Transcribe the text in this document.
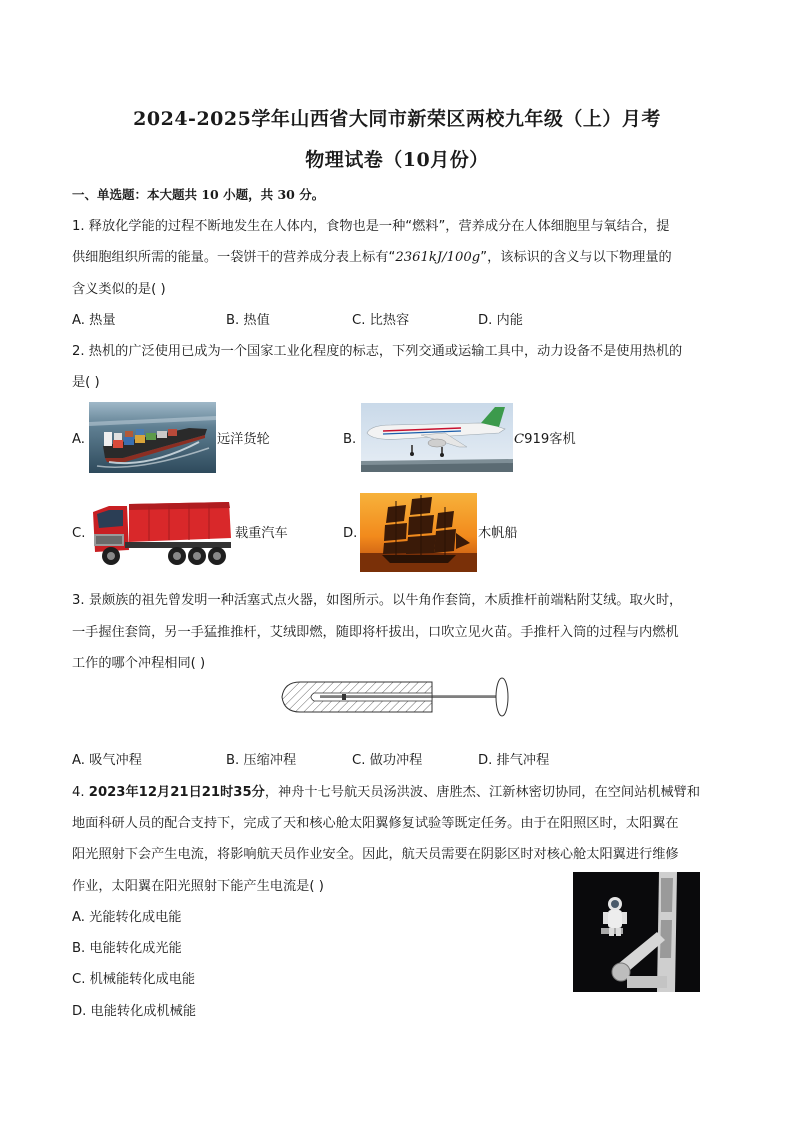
2024-2025学年山西省大同市新荣区两校九年级（上）月考
物理试卷（10月份）
一、单选题：本大题共 10 小题，共 30 分。
1. 释放化学能的过程不断地发生在人体内，食物也是一种“燃料”，营养成分在人体细胞里与氧结合，提
供细胞组织所需的能量。一袋饼干的营养成分表上标有“2361kJ/100g”，该标识的含义与以下物理量的
含义类似的是( )
A. 热量	B. 热值	C. 比热容	D. 内能
2. 热机的广泛使用已成为一个国家工业化程度的标志，下列交通或运输工具中，动力设备不是使用热机的
是( )
A.	远洋货轮	B.	C919客机
C.	载重汽车	D.	木帆船
3. 景颇族的祖先曾发明一种活塞式点火器，如图所示。以牛角作套筒，木质推杆前端粘附艾绒。取火时，
一手握住套筒，另一手猛推推杆，艾绒即燃，随即将杆拔出，口吹立见火苗。手推杆入筒的过程与内燃机
工作的哪个冲程相同( )
A. 吸气冲程	B. 压缩冲程	C. 做功冲程	D. 排气冲程
4. 2023年12月21日21时35分，神舟十七号航天员汤洪波、唐胜杰、江新林密切协同，在空间站机械臂和
地面科研人员的配合支持下，完成了天和核心舱太阳翼修复试验等既定任务。由于在阳照区时，太阳翼在
阳光照射下会产生电流，将影响航天员作业安全。因此，航天员需要在阴影区时对核心舱太阳翼进行维修
作业，太阳翼在阳光照射下能产生电流是( )
A. 光能转化成电能
B. 电能转化成光能
C. 机械能转化成电能
D. 电能转化成机械能
